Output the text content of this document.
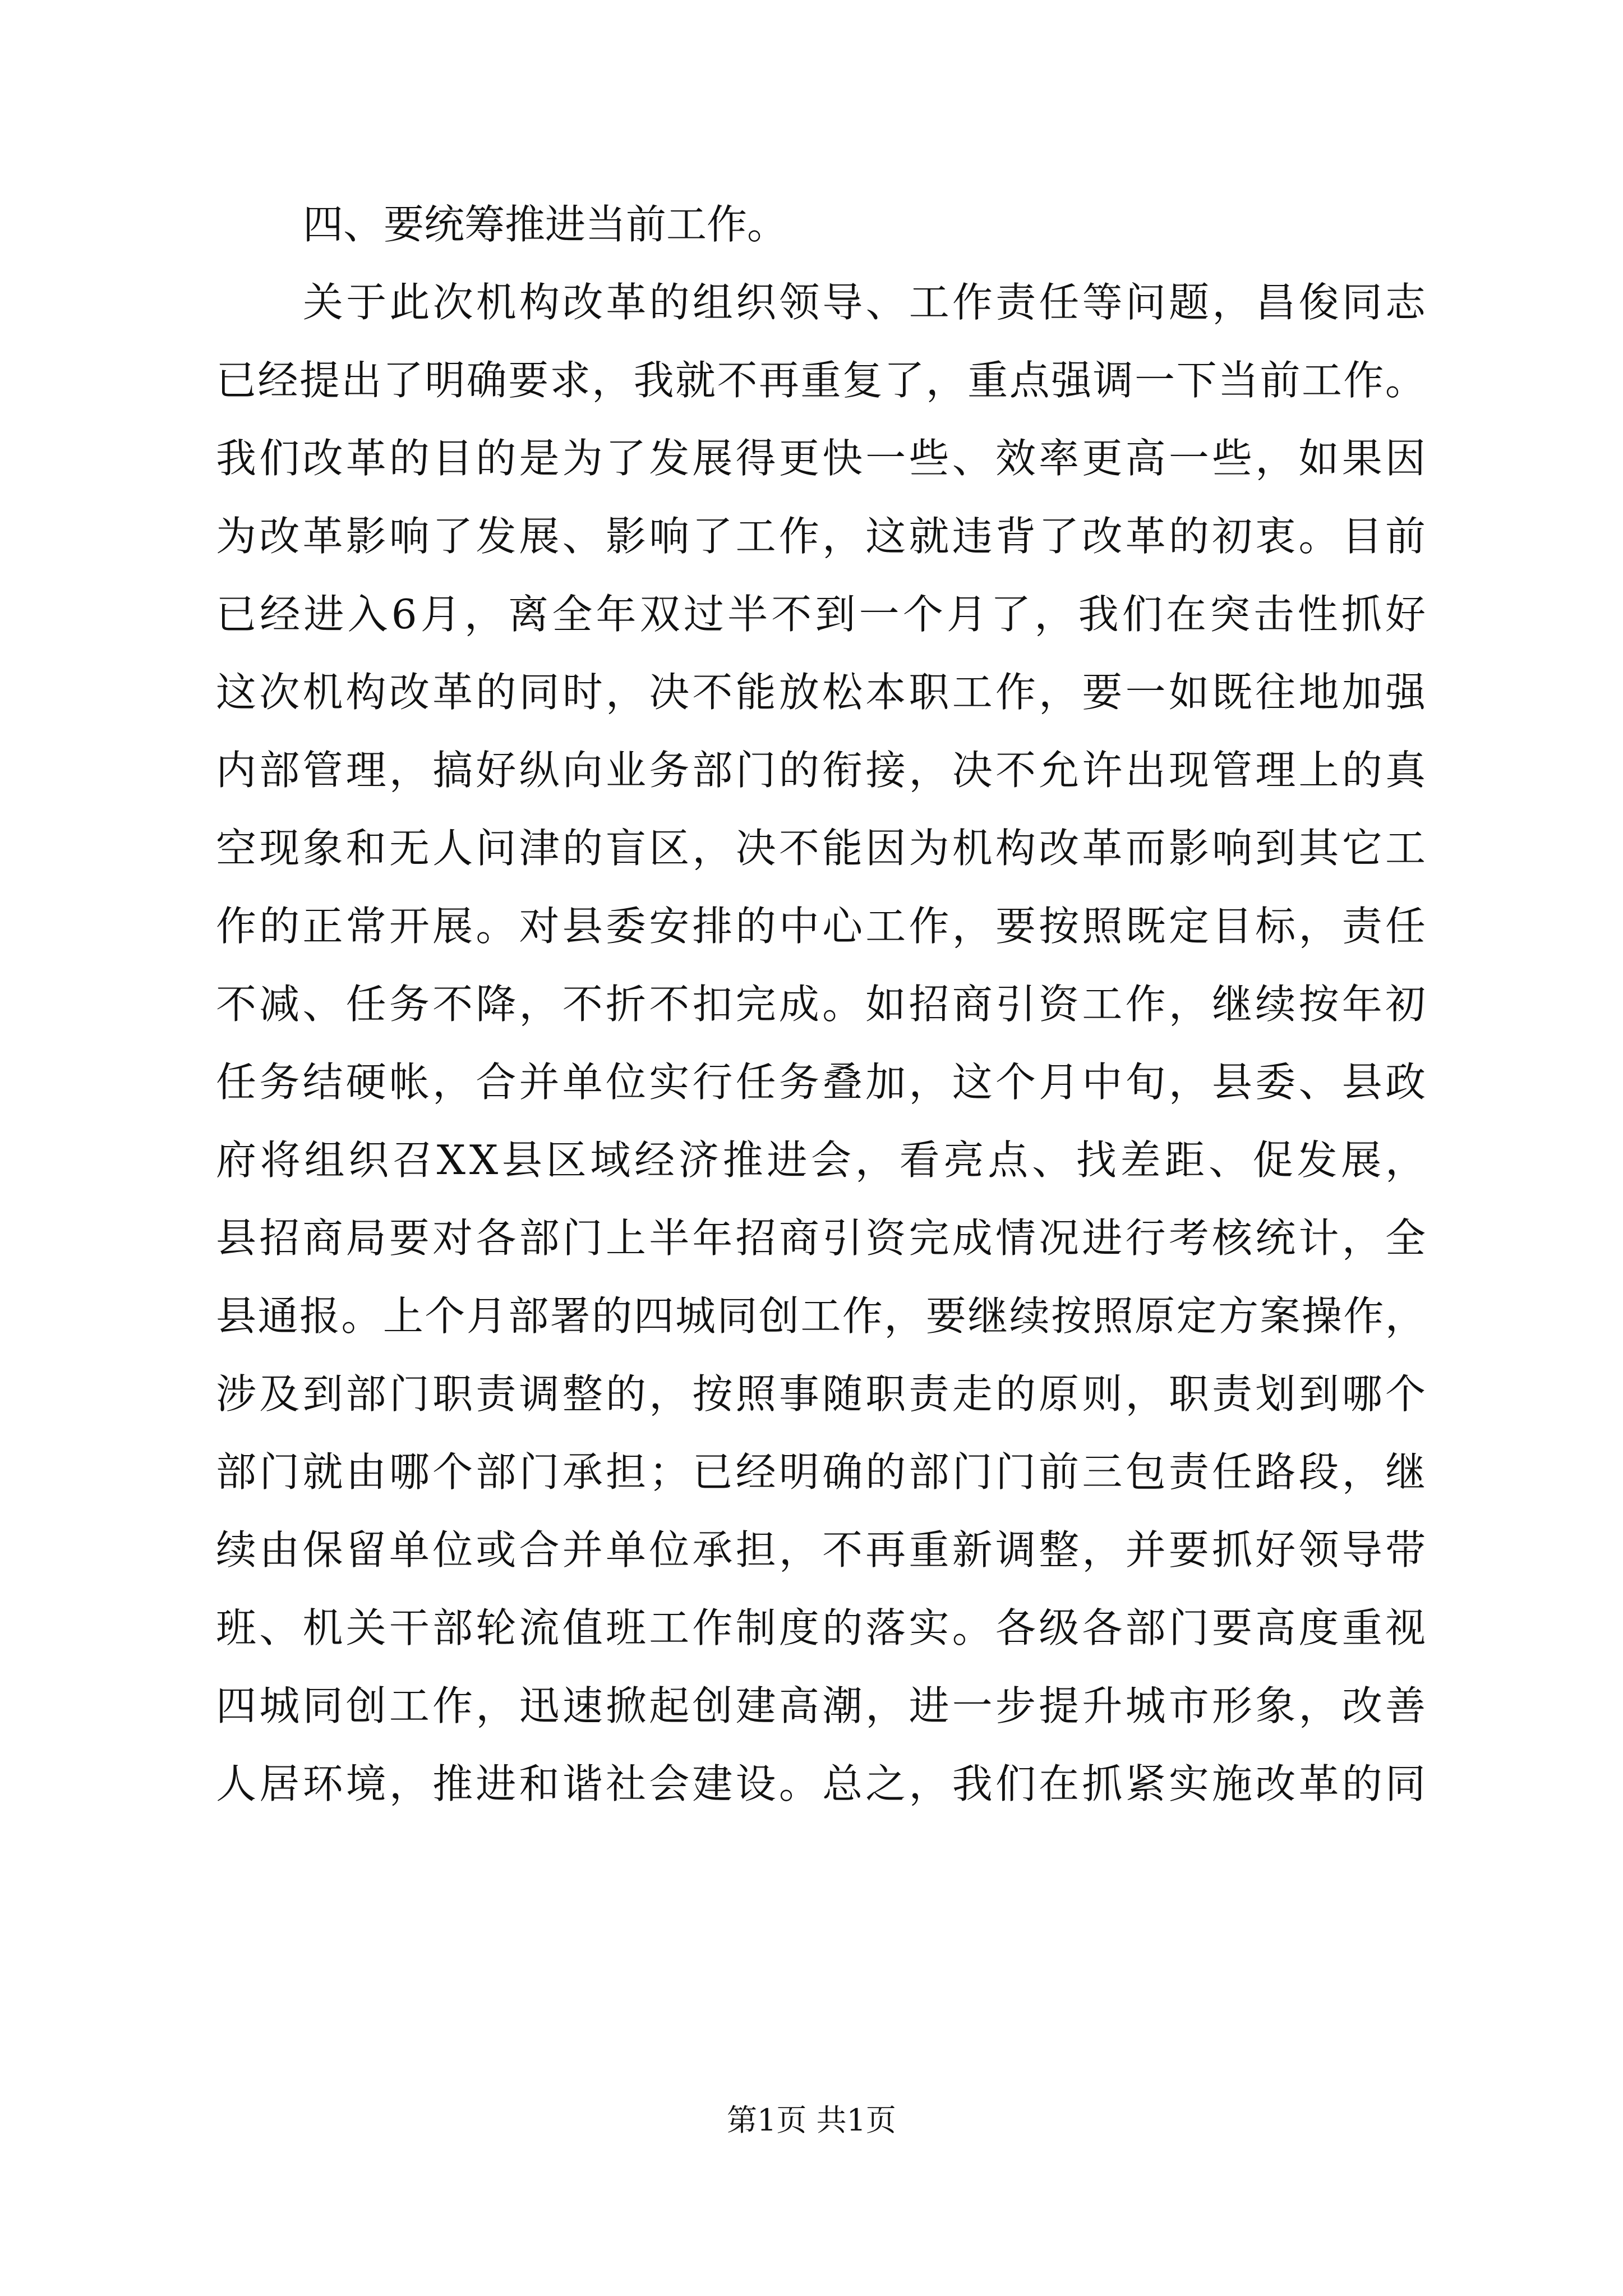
四、要统筹推进当前工作。
关于此次机构改革的组织领导、工作责任等问题，昌俊同志
已经提出了明确要求，我就不再重复了，重点强调一下当前工作。
我们改革的目的是为了发展得更快一些、效率更高一些，如果因
为改革影响了发展、影响了工作，这就违背了改革的初衷。目前
已经进入6月，离全年双过半不到一个月了，我们在突击性抓好
这次机构改革的同时，决不能放松本职工作，要一如既往地加强
内部管理，搞好纵向业务部门的衔接，决不允许出现管理上的真
空现象和无人问津的盲区，决不能因为机构改革而影响到其它工
作的正常开展。对县委安排的中心工作，要按照既定目标，责任
不减、任务不降，不折不扣完成。如招商引资工作，继续按年初
任务结硬帐，合并单位实行任务叠加，这个月中旬，县委、县政
府将组织召XX县区域经济推进会，看亮点、找差距、促发展，
县招商局要对各部门上半年招商引资完成情况进行考核统计，全
县通报。上个月部署的四城同创工作，要继续按照原定方案操作，
涉及到部门职责调整的，按照事随职责走的原则，职责划到哪个
部门就由哪个部门承担；已经明确的部门门前三包责任路段，继
续由保留单位或合并单位承担，不再重新调整，并要抓好领导带
班、机关干部轮流值班工作制度的落实。各级各部门要高度重视
四城同创工作，迅速掀起创建高潮，进一步提升城市形象，改善
人居环境，推进和谐社会建设。总之，我们在抓紧实施改革的同
第1页 共1页
